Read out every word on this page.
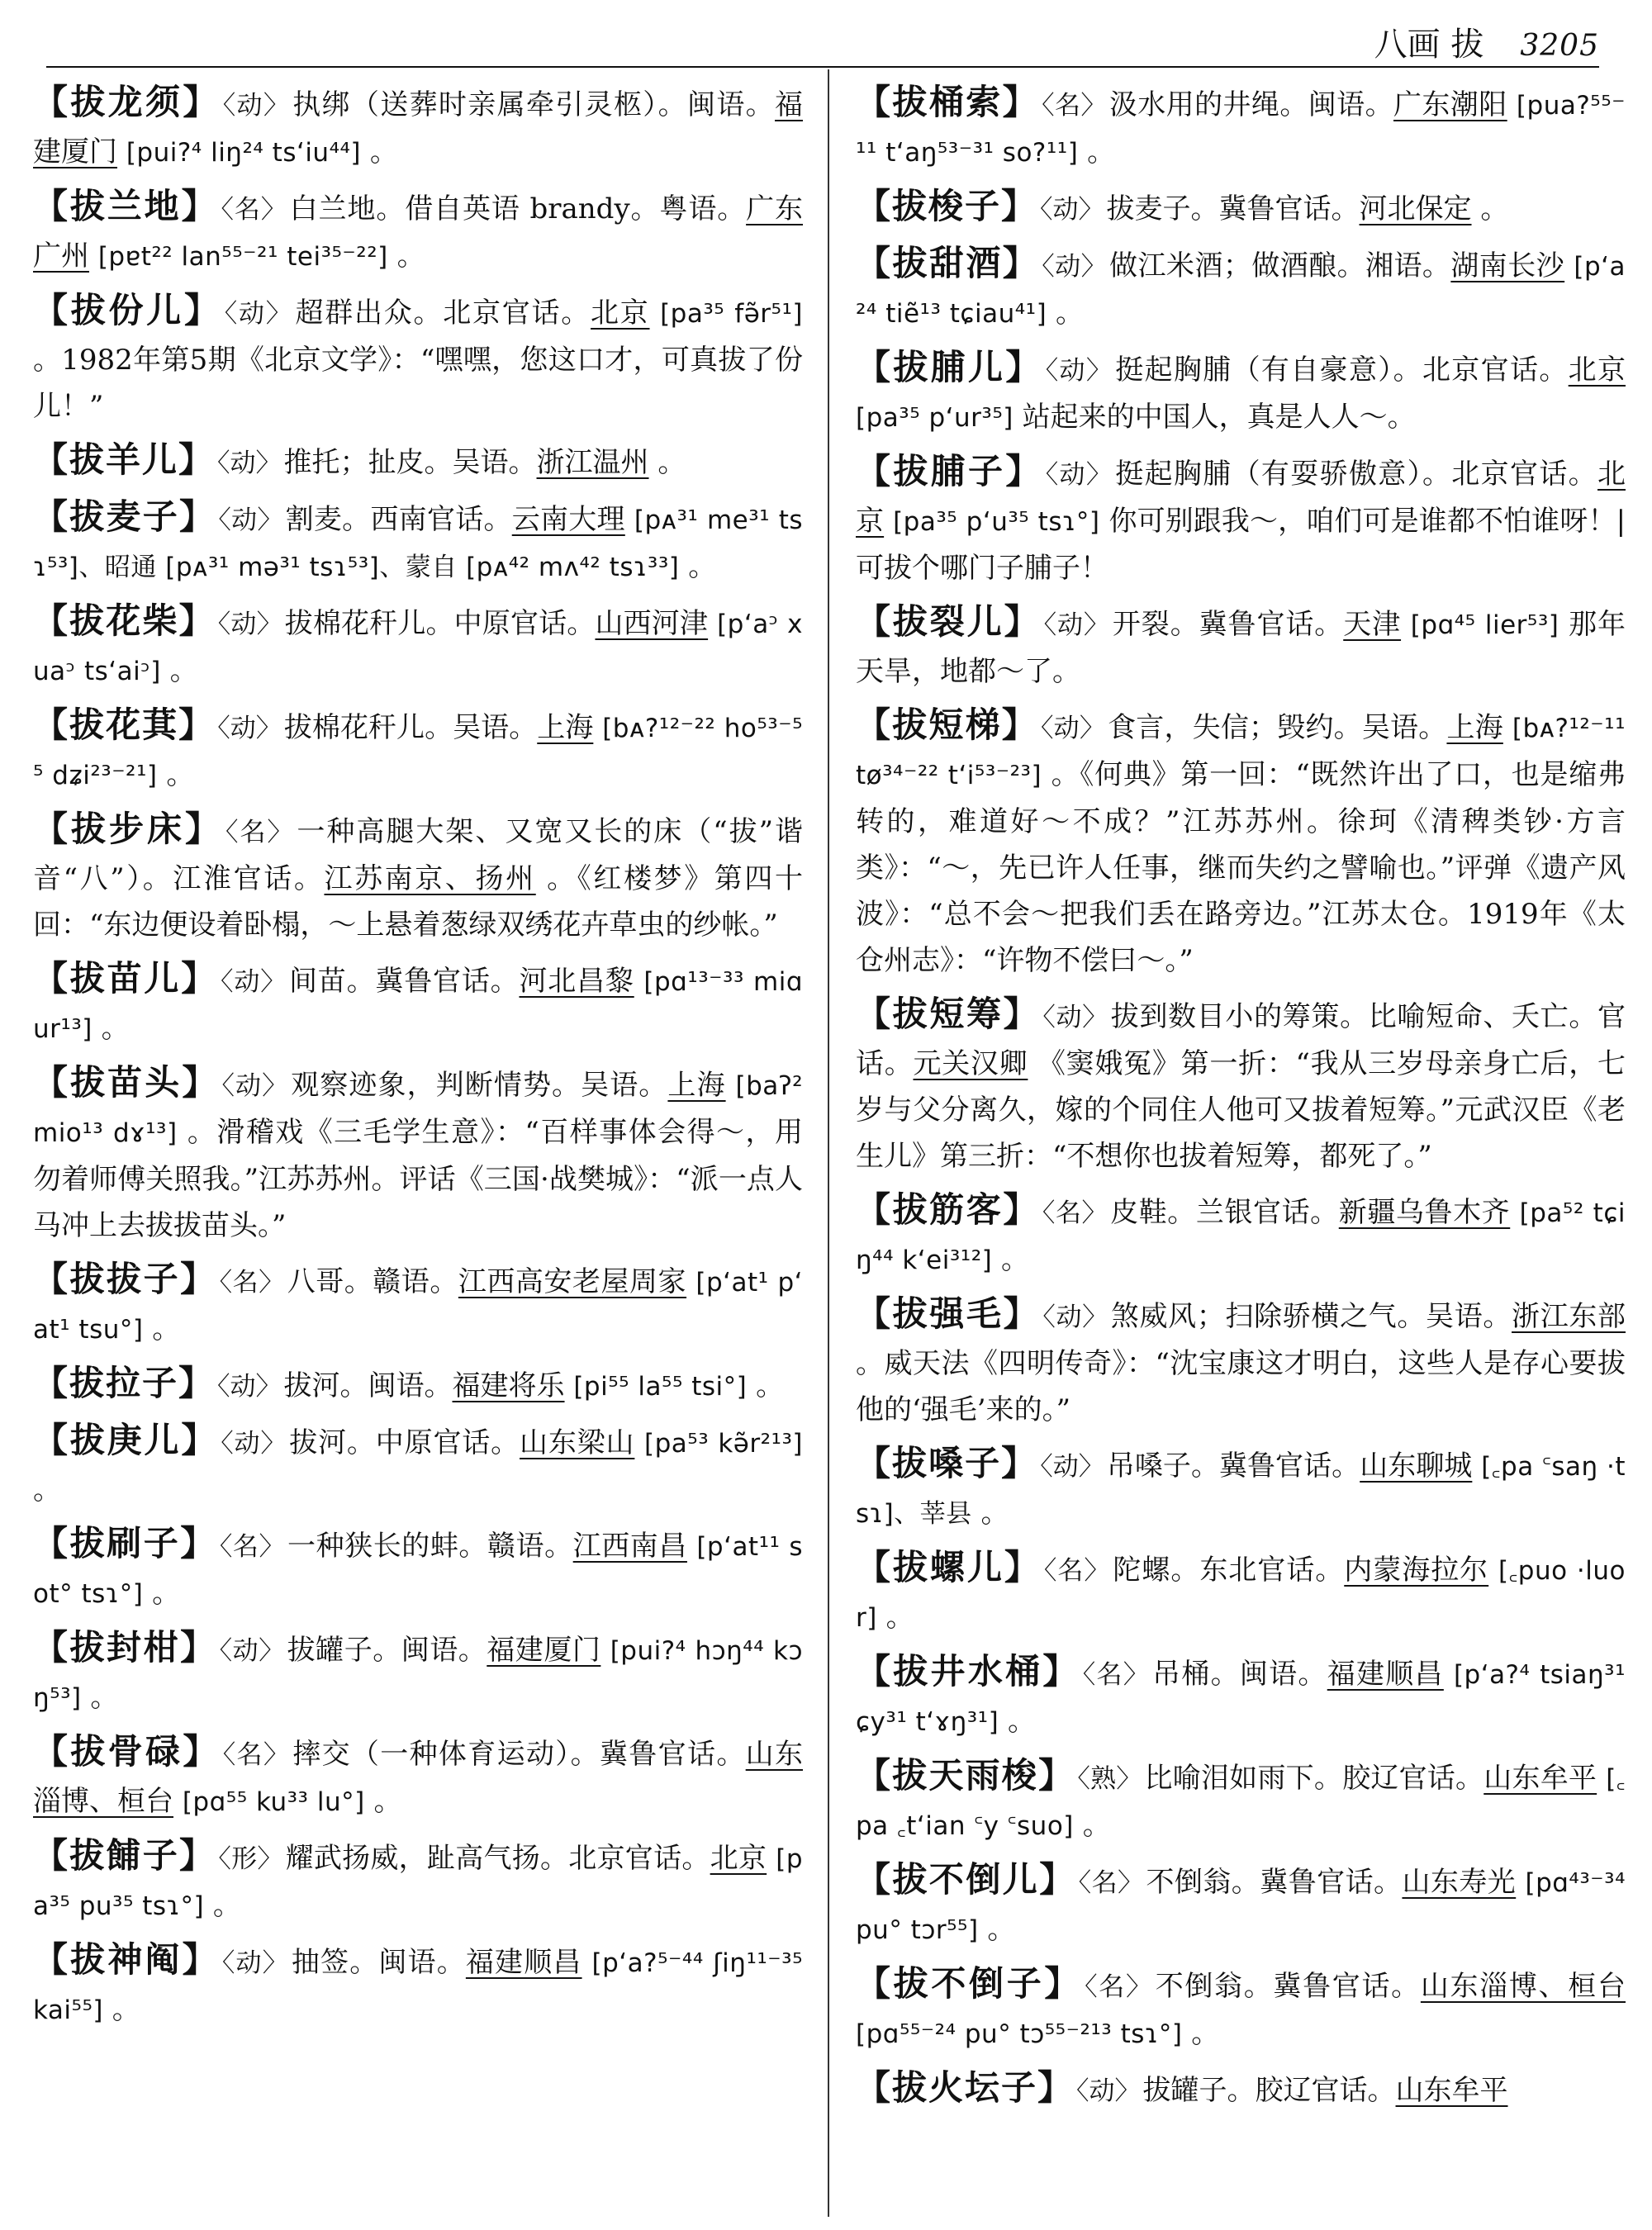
八画 拔 3205
【拔龙须】〈动〉执绑（送葬时亲属牵引灵柩）。闽语。福建厦门 [pui?⁴ liŋ²⁴ tsʻiu⁴⁴] 。
【拔兰地】〈名〉白兰地。借自英语 brandy。粤语。广东广州 [pɐt²² lan⁵⁵⁻²¹ tei³⁵⁻²²] 。
【拔份儿】〈动〉超群出众。北京官话。北京 [pa³⁵ fə̃r⁵¹] 。1982年第5期《北京文学》：“嘿嘿，您这口才，可真拔了份儿！”
【拔羊儿】〈动〉推托；扯皮。吴语。浙江温州 。
【拔麦子】〈动〉割麦。西南官话。云南大理 [pᴀ³¹ me³¹ tsɿ⁵³]、昭通 [pᴀ³¹ mə³¹ tsɿ⁵³]、蒙自 [pᴀ⁴² mʌ⁴² tsɿ³³] 。
【拔花柴】〈动〉拔棉花秆儿。中原官话。山西河津 [pʻaᵓ xuaᵓ tsʻaiᵓ] 。
【拔花萁】〈动〉拔棉花秆儿。吴语。上海 [bᴀ?¹²⁻²² ho⁵³⁻⁵⁵ dʑi²³⁻²¹] 。
【拔步床】〈名〉一种高腿大架、又宽又长的床（“拔”谐音“八”）。江淮官话。江苏南京、扬州 。《红楼梦》第四十回：“东边便设着卧榻，～上悬着葱绿双绣花卉草虫的纱帐。”
【拔苗儿】〈动〉间苗。冀鲁官话。河北昌黎 [pɑ¹³⁻³³ miɑur¹³] 。
【拔苗头】〈动〉观察迹象，判断情势。吴语。上海 [baʔ² mio¹³ dɤ¹³] 。滑稽戏《三毛学生意》：“百样事体会得～，用勿着师傅关照我。”江苏苏州。评话《三国·战樊城》：“派一点人马冲上去拔拔苗头。”
【拔拔子】〈名〉八哥。赣语。江西高安老屋周家 [pʻat¹ pʻat¹ tsu°] 。
【拔拉子】〈动〉拔河。闽语。福建将乐 [pi⁵⁵ la⁵⁵ tsi°] 。
【拔庚儿】〈动〉拔河。中原官话。山东梁山 [pa⁵³ kə̃r²¹³] 。
【拔刷子】〈名〉一种狭长的蚌。赣语。江西南昌 [pʻat¹¹ sot° tsɿ°] 。
【拔封柑】〈动〉拔罐子。闽语。福建厦门 [pui?⁴ hɔŋ⁴⁴ kɔŋ⁵³] 。
【拔骨碌】〈名〉摔交（一种体育运动）。冀鲁官话。山东淄博、桓台 [pɑ⁵⁵ ku³³ lu°] 。
【拔餔子】〈形〉耀武扬威，趾高气扬。北京官话。北京 [pa³⁵ pu³⁵ tsɿ°] 。
【拔神阄】〈动〉抽签。闽语。福建顺昌 [pʻa?⁵⁻⁴⁴ ʃiŋ¹¹⁻³⁵ kai⁵⁵] 。
【拔桶索】〈名〉汲水用的井绳。闽语。广东潮阳 [pua?⁵⁵⁻¹¹ tʻaŋ⁵³⁻³¹ so?¹¹] 。
【拔梭子】〈动〉拔麦子。冀鲁官话。河北保定 。
【拔甜酒】〈动〉做江米酒；做酒酿。湘语。湖南长沙 [pʻa²⁴ tiẽ¹³ tɕiau⁴¹] 。
【拔脯儿】〈动〉挺起胸脯（有自豪意）。北京官话。北京 [pa³⁵ pʻur³⁵] 站起来的中国人，真是人人～。
【拔脯子】〈动〉挺起胸脯（有耍骄傲意）。北京官话。北京 [pa³⁵ pʻu³⁵ tsɿ°] 你可别跟我～，咱们可是谁都不怕谁呀！|可拔个哪门子脯子！
【拔裂儿】〈动〉开裂。冀鲁官话。天津 [pɑ⁴⁵ lier⁵³] 那年天旱，地都～了。
【拔短梯】〈动〉食言，失信；毁约。吴语。上海 [bᴀ?¹²⁻¹¹ tø³⁴⁻²² tʻi⁵³⁻²³] 。《何典》第一回：“既然许出了口，也是缩弗转的，难道好～不成？”江苏苏州。徐珂《清稗类钞·方言类》：“～，先已许人任事，继而失约之譬喻也。”评弹《遗产风波》：“总不会～把我们丢在路旁边。”江苏太仓。1919年《太仓州志》：“许物不偿曰～。”
【拔短筹】〈动〉拔到数目小的筹策。比喻短命、夭亡。官话。元关汉卿 《窦娥冤》第一折：“我从三岁母亲身亡后，七岁与父分离久，嫁的个同住人他可又拔着短筹。”元武汉臣《老生儿》第三折：“不想你也拔着短筹，都死了。”
【拔筋客】〈名〉皮鞋。兰银官话。新疆乌鲁木齐 [pa⁵² tɕiŋ⁴⁴ kʻei³¹²] 。
【拔强毛】〈动〉煞威风；扫除骄横之气。吴语。浙江东部 。威天法《四明传奇》：“沈宝康这才明白，这些人是存心要拔他的‘强毛’来的。”
【拔嗓子】〈动〉吊嗓子。冀鲁官话。山东聊城 [꜀pa ꜂saŋ ·tsɿ]、莘县 。
【拔螺儿】〈名〉陀螺。东北官话。内蒙海拉尔 [꜀puo ·luor] 。
【拔井水桶】〈名〉吊桶。闽语。福建顺昌 [pʻa?⁴ tsiaŋ³¹ ɕy³¹ tʻɤŋ³¹] 。
【拔天雨梭】〈熟〉比喻泪如雨下。胶辽官话。山东牟平 [꜀pa ꜀tʻian ꜂y ꜂suo] 。
【拔不倒儿】〈名〉不倒翁。冀鲁官话。山东寿光 [pɑ⁴³⁻³⁴ pu° tɔr⁵⁵] 。
【拔不倒子】〈名〉不倒翁。冀鲁官话。山东淄博、桓台 [pɑ⁵⁵⁻²⁴ pu° tɔ⁵⁵⁻²¹³ tsɿ°] 。
【拔火坛子】〈动〉拔罐子。胶辽官话。山东牟平
